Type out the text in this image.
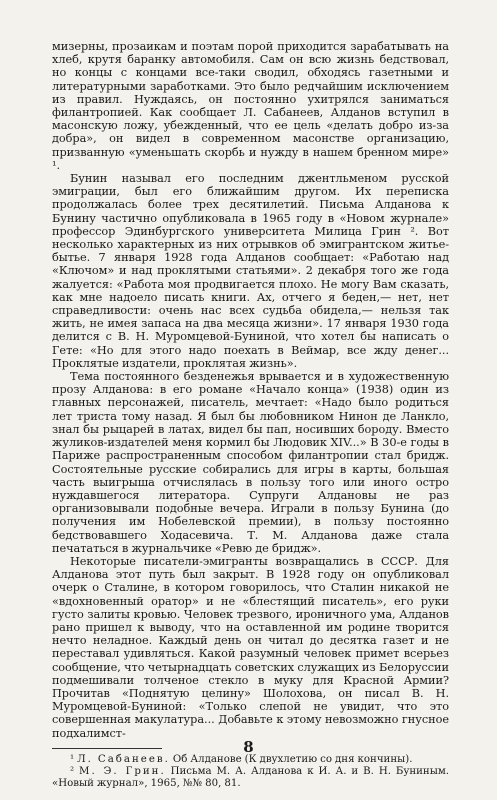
мизерны, прозаикам и поэтам порой приходится зарабатывать на хлеб, крутя баранку автомобиля. Сам он всю жизнь бедствовал, но концы с концами все-таки сводил, обходясь газетными и литературными заработками. Это было редчайшим исключением из правил. Нуждаясь, он постоянно ухитрялся заниматься филантропией. Как сообщает Л. Сабанеев, Алданов вступил в масонскую ложу, убежденный, что ее цель «делать добро из-за добра», он видел в современном масонстве организацию, призванную «уменьшать скорбь и нужду в нашем бренном мире» ¹.

Бунин называл его последним джентльменом русской эмиграции, был его ближайшим другом. Их переписка продолжалась более трех десятилетий. Письма Алданова к Бунину частично опубликовала в 1965 году в «Новом журнале» профессор Эдинбургского университета Милица Грин ². Вот несколько характерных из них отрывков об эмигрантском житье-бытье. 7 января 1928 года Алданов сообщает: «Работаю над «Ключом» и над проклятыми статьями». 2 декабря того же года жалуется: «Работа моя продвигается плохо. Не могу Вам сказать, как мне надоело писать книги. Ах, отчего я беден,— нет, нет справедливости: очень нас всех судьба обидела,— нельзя так жить, не имея запаса на два месяца жизни». 17 января 1930 года делится с В. Н. Муромцевой-Буниной, что хотел бы написать о Гете: «Но для этого надо поехать в Веймар, все жду денег... Проклятые издатели, проклятая жизнь».

Тема постоянного безденежья врывается и в художественную прозу Алданова: в его романе «Начало конца» (1938) один из главных персонажей, писатель, мечтает: «Надо было родиться лет триста тому назад. Я был бы любовником Нинон де Ланкло, знал бы рыцарей в латах, видел бы пап, носивших бороду. Вместо жуликов-издателей меня кормил бы Людовик XIV...» В 30-е годы в Париже распространенным способом филантропии стал бридж. Состоятельные русские собирались для игры в карты, большая часть выигрыша отчислялась в пользу того или иного остро нуждавшегося литератора. Супруги Алдановы не раз организовывали подобные вечера. Играли в пользу Бунина (до получения им Нобелевской премии), в пользу постоянно бедствовавшего Ходасевича. Т. М. Алданова даже стала печататься в журнальчике «Ревю де бридж».

Некоторые писатели-эмигранты возвращались в СССР. Для Алданова этот путь был закрыт. В 1928 году он опубликовал очерк о Сталине, в котором говорилось, что Сталин никакой не «вдохновенный оратор» и не «блестящий писатель», его руки густо залиты кровью. Человек трезвого, ироничного ума, Алданов рано пришел к выводу, что на оставленной им родине творится нечто неладное. Каждый день он читал до десятка газет и не переставал удивляться. Какой разумный человек примет всерьез сообщение, что четырнадцать советских служащих из Белоруссии подмешивали толченое стекло в муку для Красной Армии? Прочитав «Поднятую целину» Шолохова, он писал В. Н. Муромцевой-Буниной: «Только слепой не увидит, что это совершенная макулатура... Добавьте к этому невозможно гнусное подхалимст-

¹ Л. Сабанеев. Об Алданове (К двухлетию со дня кончины).

² М. Э. Грин. Письма М. А. Алданова к И. А. и В. Н. Буниным. «Новый журнал», 1965, №№ 80, 81.

8
